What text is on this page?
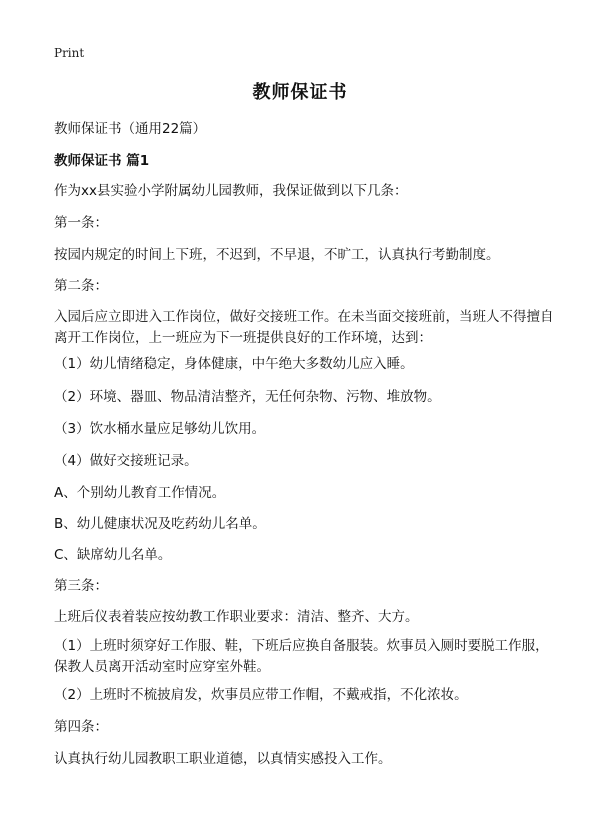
Print
教师保证书
教师保证书（通用22篇）
教师保证书 篇1
作为xx县实验小学附属幼儿园教师，我保证做到以下几条：
第一条：
按园内规定的时间上下班，不迟到，不早退，不旷工，认真执行考勤制度。
第二条：
入园后应立即进入工作岗位，做好交接班工作。在未当面交接班前，当班人不得擅自离开工作岗位，上一班应为下一班提供良好的工作环境，达到：
（1）幼儿情绪稳定，身体健康，中午绝大多数幼儿应入睡。
（2）环境、器皿、物品清洁整齐，无任何杂物、污物、堆放物。
（3）饮水桶水量应足够幼儿饮用。
（4）做好交接班记录。
A、个别幼儿教育工作情况。
B、幼儿健康状况及吃药幼儿名单。
C、缺席幼儿名单。
第三条：
上班后仪表着装应按幼教工作职业要求：清洁、整齐、大方。
（1）上班时须穿好工作服、鞋，下班后应换自备服装。炊事员入厕时要脱工作服，保教人员离开活动室时应穿室外鞋。
（2）上班时不梳披肩发，炊事员应带工作帽，不戴戒指，不化浓妆。
第四条：
认真执行幼儿园教职工职业道德，以真情实感投入工作。
